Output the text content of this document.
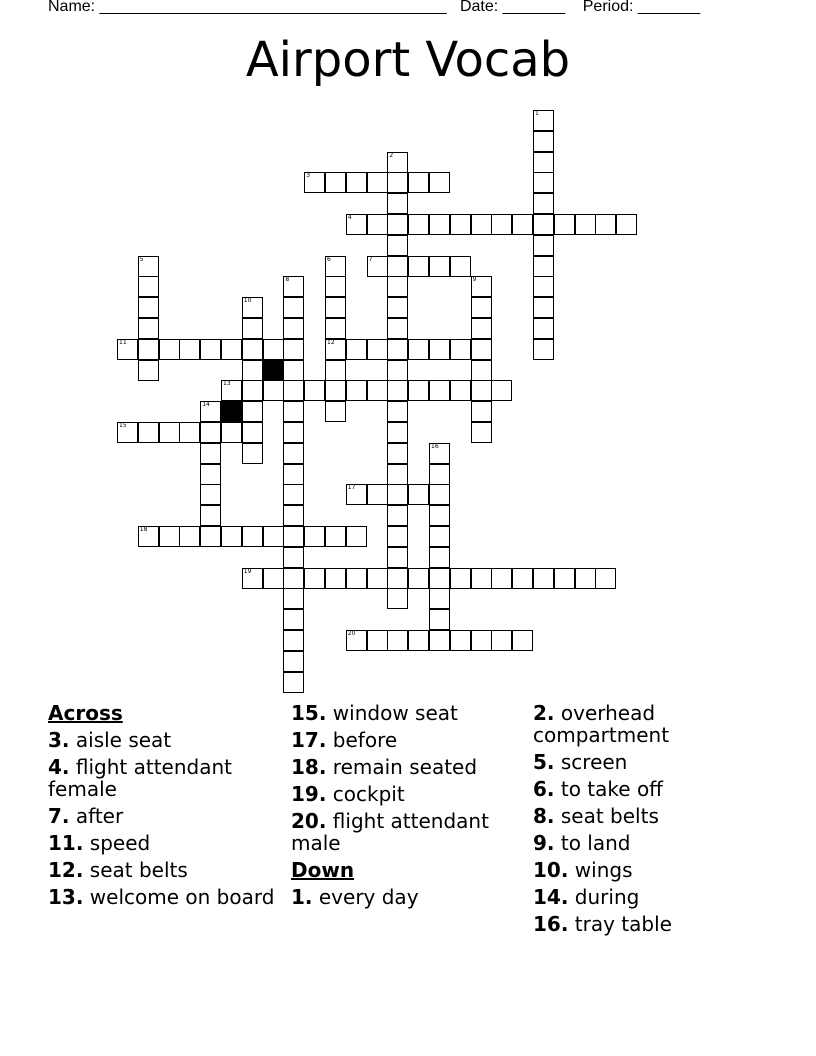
Name: _______________________________________ Date: _______ Period: _______
Airport Vocab
1
2
3
4
5	6
12
7
8	9
10
11
13
14
15
16
17
18
19
20
Across
3. aisle seat
4. flight attendant female
7. after
11. speed
12. seat belts
13. welcome on board
15. window seat
17. before
18. remain seated
19. cockpit
20. flight attendant male
Down
1. every day
2. overhead compartment
5. screen
6. to take off
8. seat belts
9. to land
10. wings
14. during
16. tray table
